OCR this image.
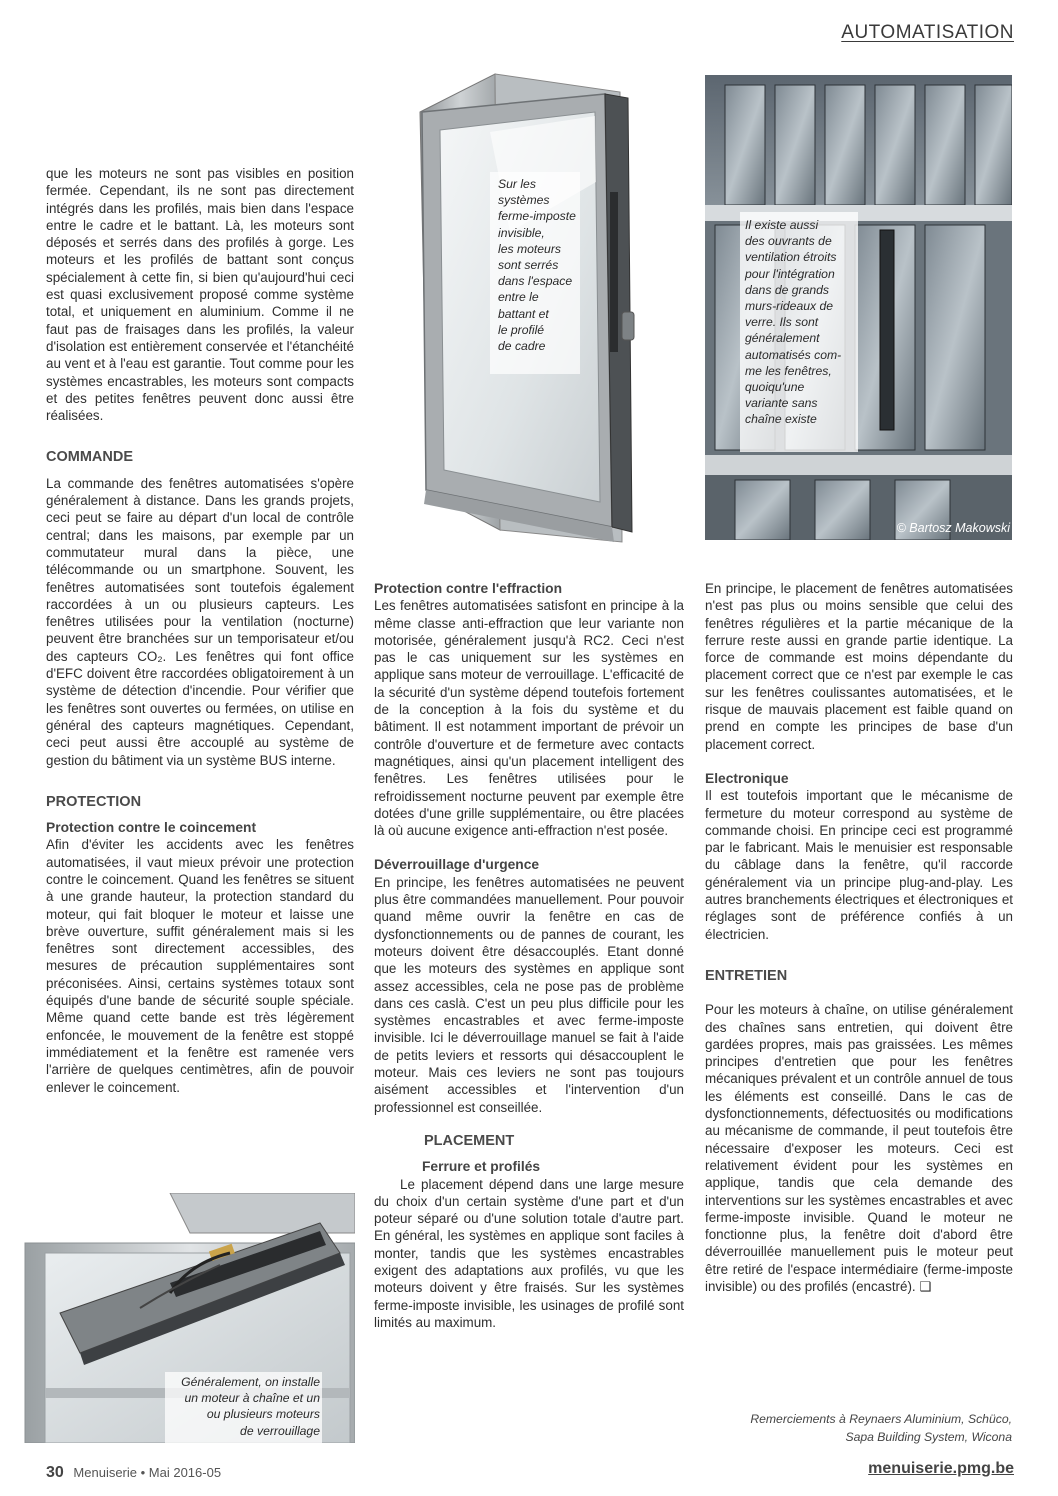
AUTOMATISATION
Sur les
systèmes
ferme-imposte
invisible,
les moteurs
sont serrés
dans l'espace
entre le
battant et
le profilé
de cadre
Il existe aussi
des ouvrants de
ventilation étroits
pour l'intégration
dans de grands
murs-rideaux de
verre. Ils sont
généralement
automatisés com-
me les fenêtres,
quoiqu'une
variante sans
chaîne existe
© Bartosz Makowski
Généralement, on installe
un moteur à chaîne et un
ou plusieurs moteurs
de verrouillage

que les moteurs ne sont pas visibles en position fermée. Cependant, ils ne sont pas directement intégrés dans les profilés, mais bien dans l'espace entre le cadre et le battant. Là, les moteurs sont déposés et serrés dans des profilés à gorge. Les moteurs et les profilés de battant sont conçus spécialement à cette fin, si bien qu'aujourd'hui ceci est quasi exclusivement proposé comme système total, et uniquement en aluminium. Comme il ne faut pas de fraisages dans les profilés, la valeur d'isolation est entièrement conservée et l'étanchéité au vent et à l'eau est garantie. Tout comme pour les systèmes encastrables, les moteurs sont compacts et des petites fenêtres peuvent donc aussi être réalisées.

COMMANDE

La commande des fenêtres automatisées s'opère généralement à distance. Dans les grands projets, ceci peut se faire au départ d'un local de contrôle central; dans les maisons, par exemple par un commutateur mural dans la pièce, une télécommande ou un smartphone. Souvent, les fenêtres automatisées sont toutefois également raccordées à un ou plusieurs capteurs. Les fenêtres utilisées pour la ventilation (nocturne) peuvent être branchées sur un temporisateur et/ou des capteurs CO₂. Les fenêtres qui font office d'EFC doivent être raccordées obligatoirement à un système de détection d'incendie. Pour vérifier que les fenêtres sont ouvertes ou fermées, on utilise en général des capteurs magnétiques. Cependant, ceci peut aussi être accouplé au système de gestion du bâtiment via un système BUS interne.

PROTECTION

Protection contre le coincement

Afin d'éviter les accidents avec les fenêtres automatisées, il vaut mieux prévoir une protection contre le coincement. Quand les fenêtres se situent à une grande hauteur, la protection standard du moteur, qui fait bloquer le moteur et laisse une brève ouverture, suffit généralement mais si les fenêtres sont directement accessibles, des mesures de précaution supplémentaires sont préconisées. Ainsi, certains systèmes totaux sont équipés d'une bande de sécurité souple spéciale. Même quand cette bande est très légèrement enfoncée, le mouvement de la fenêtre est stoppé immédiatement et la fenêtre est ramenée vers l'arrière de quelques centimètres, afin de pouvoir enlever le coincement.

Protection contre l'effraction

Les fenêtres automatisées satisfont en principe à la même classe anti-effraction que leur variante non motorisée, généralement jusqu'à RC2. Ceci n'est pas le cas uniquement sur les systèmes en applique sans moteur de verrouillage. L'efficacité de la sécurité d'un système dépend toutefois fortement de la conception à la fois du système et du bâtiment. Il est notamment important de prévoir un contrôle d'ouverture et de fermeture avec contacts magnétiques, ainsi qu'un placement intelligent des fenêtres. Les fenêtres utilisées pour le refroidissement nocturne peuvent par exemple être dotées d'une grille supplémentaire, ou être placées là où aucune exigence anti-effraction n'est posée.

Déverrouillage d'urgence

En principe, les fenêtres automatisées ne peuvent plus être commandées manuellement. Pour pouvoir quand même ouvrir la fenêtre en cas de dysfonctionnements ou de pannes de courant, les moteurs doivent être désaccouplés. Etant donné que les moteurs des systèmes en applique sont assez accessibles, cela ne pose pas de problème dans ces caslà. C'est un peu plus difficile pour les systèmes encastrables et avec ferme-imposte invisible. Ici le déverrouillage manuel se fait à l'aide de petits leviers et ressorts qui désaccouplent le moteur. Mais ces leviers ne sont pas toujours aisément accessibles et l'intervention d'un professionnel est conseillée.

PLACEMENT

Ferrure et profilés

Le placement dépend dans une large mesure du choix d'un certain système d'une part et d'un poteur séparé ou d'une solution totale d'autre part. En général, les systèmes en applique sont faciles à monter, tandis que les systèmes encastrables exigent des adaptations aux profilés, vu que les moteurs doivent y être fraisés. Sur les systèmes ferme-imposte invisible, les usinages de profilé sont limités au maximum.

En principe, le placement de fenêtres automatisées n'est pas plus ou moins sensible que celui des fenêtres régulières et la partie mécanique de la ferrure reste aussi en grande partie identique. La force de commande est moins dépendante du placement correct que ce n'est par exemple le cas sur les fenêtres coulissantes automatisées, et le risque de mauvais placement est faible quand on prend en compte les principes de base d'un placement correct.

Electronique

Il est toutefois important que le mécanisme de fermeture du moteur correspond au système de commande choisi. En principe ceci est programmé par le fabricant. Mais le menuisier est responsable du câblage dans la fenêtre, qu'il raccorde généralement via un principe plug-and-play. Les autres branchements électriques et électroniques et réglages sont de préférence confiés à un électricien.

ENTRETIEN

Pour les moteurs à chaîne, on utilise généralement des chaînes sans entretien, qui doivent être gardées propres, mais pas graissées. Les mêmes principes d'entretien que pour les fenêtres mécaniques prévalent et un contrôle annuel de tous les éléments est conseillé. Dans le cas de dysfonctionnements, défectuosités ou modifications au mécanisme de commande, il peut toutefois être nécessaire d'exposer les moteurs. Ceci est relativement évident pour les systèmes en applique, tandis que cela demande des interventions sur les systèmes encastrables et avec ferme-imposte invisible. Quand le moteur ne fonctionne plus, la fenêtre doit d'abord être déverrouillée manuellement puis le moteur peut être retiré de l'espace intermédiaire (ferme-imposte invisible) ou des profilés (encastré). ❑

Remerciements à Reynaers Aluminium, Schüco,
Sapa Building System, Wicona
30 Menuiserie • Mai 2016-05	menuiserie.pmg.be
